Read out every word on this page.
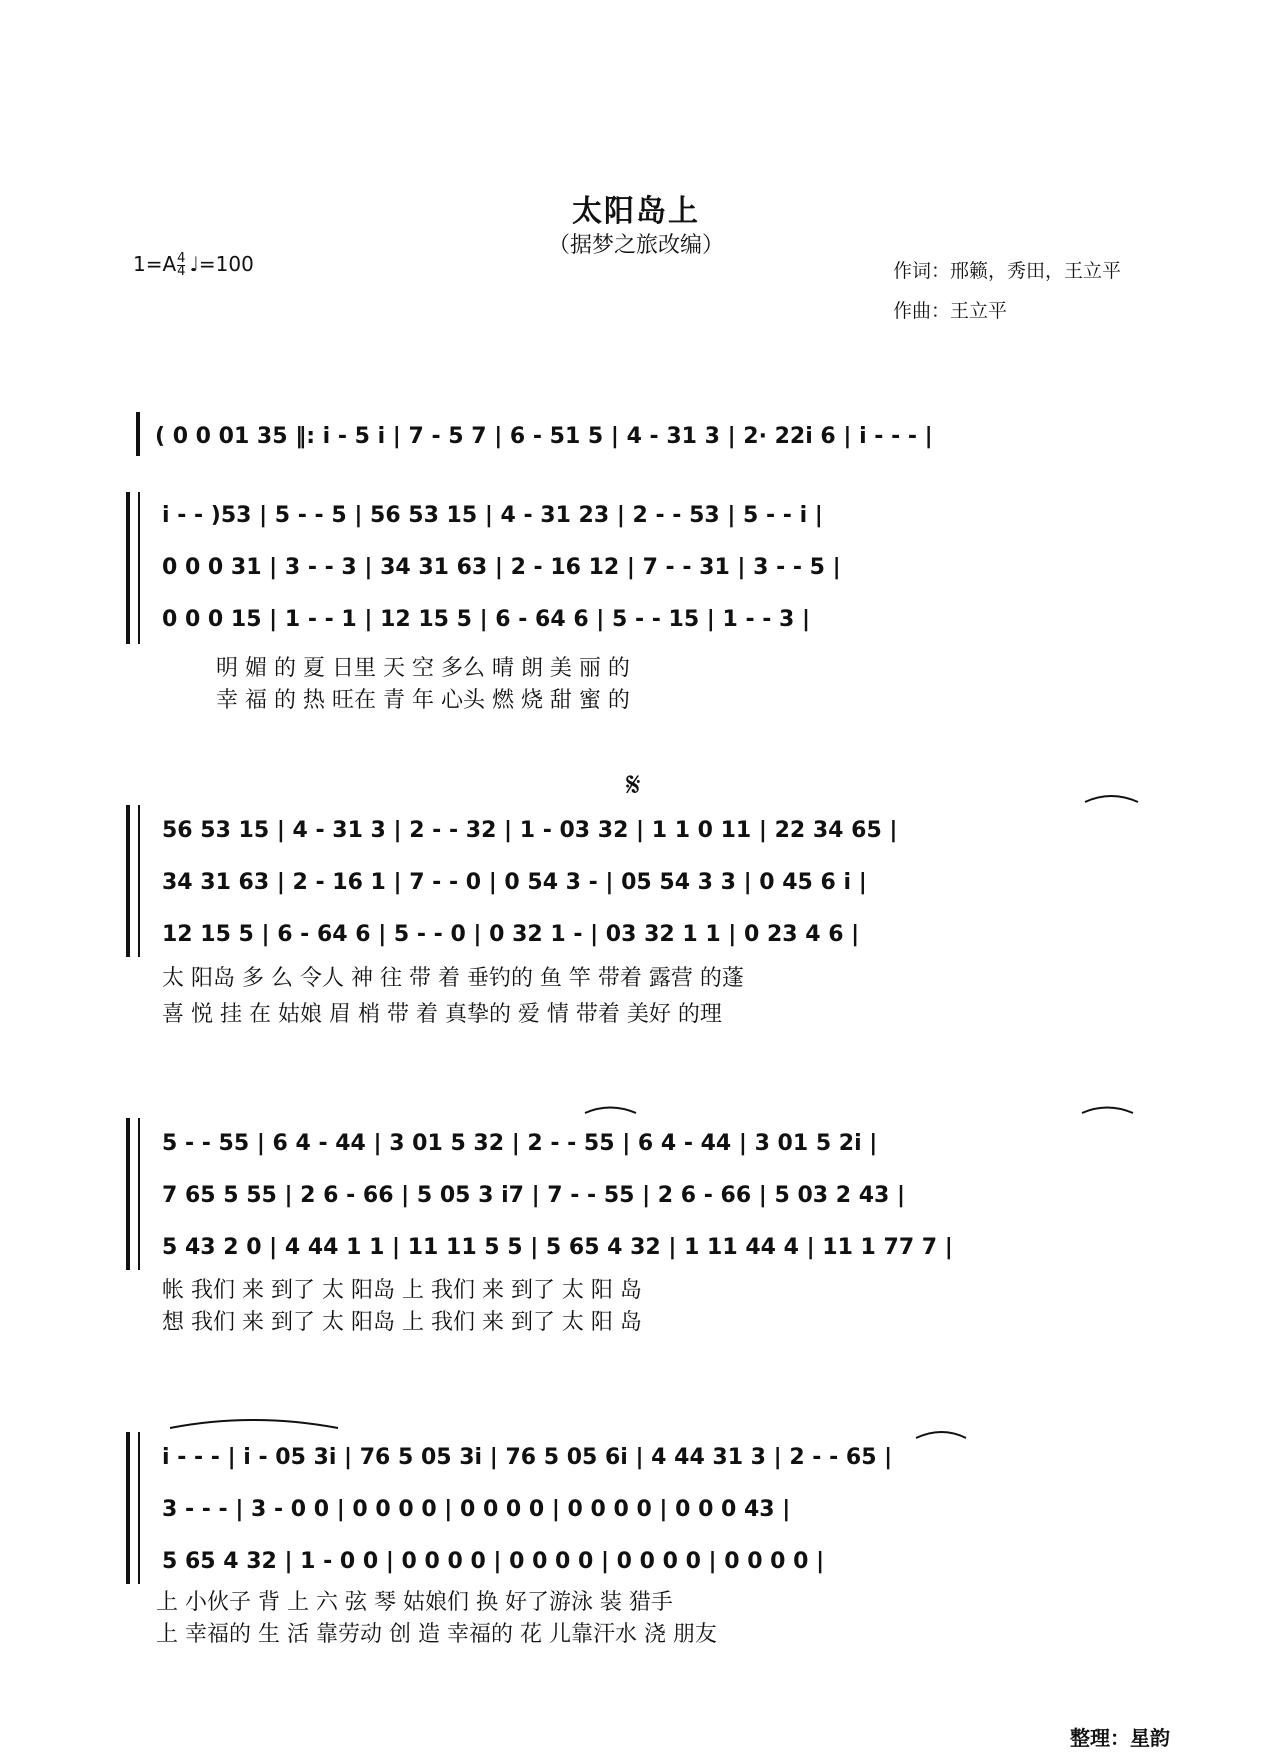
太阳岛上
（据梦之旅改编）
$1=A \frac{4}{4}$ ♩=100	作词：邢籁，秀田，王立平
作曲：王立平
𝄋
整理：星韵
( 0 0 01 35 ‖: i - 5 i | 7 - 5 7 | 6 - 51 5 | 4 - 31 3 | 2· 22i 6 | i - - - |
i - - )53 | 5 - - 5 | 56 53 15 | 4 - 31 23 | 2 - - 53 | 5 - - i |
0 0 0 31 | 3 - - 3 | 34 31 63 | 2 - 16 12 | 7 - - 31 | 3 - - 5 |
0 0 0 15 | 1 - - 1 | 12 15 5 | 6 - 64 6 | 5 - - 15 | 1 - - 3 |
明 媚 的 夏 日里 天 空 多么 晴 朗 美 丽 的
幸 福 的 热 旺在 青 年 心头 燃 烧 甜 蜜 的
56 53 15 | 4 - 31 3 | 2 - - 32 | 1 - 03 32 | 1 1 0 11 | 22 34 65 |
34 31 63 | 2 - 16 1 | 7 - - 0 | 0 54 3 - | 05 54 3 3 | 0 45 6 i |
12 15 5 | 6 - 64 6 | 5 - - 0 | 0 32 1 - | 03 32 1 1 | 0 23 4 6 |
太 阳岛 多 么 令人 神 往 带 着 垂钓的 鱼 竿 带着 露营 的蓬
喜 悦 挂 在 姑娘 眉 梢 带 着 真挚的 爱 情 带着 美好 的理
5 - - 55 | 6 4 - 44 | 3 01 5 32 | 2 - - 55 | 6 4 - 44 | 3 01 5 2i |
7 65 5 55 | 2 6 - 66 | 5 05 3 i7 | 7 - - 55 | 2 6 - 66 | 5 03 2 43 |
5 43 2 0 | 4 44 1 1 | 11 11 5 5 | 5 65 4 32 | 1 11 44 4 | 11 1 77 7 |
帐 我们 来 到了 太 阳岛 上 我们 来 到了 太 阳 岛
想 我们 来 到了 太 阳岛 上 我们 来 到了 太 阳 岛
i - - - | i - 05 3i | 76 5 05 3i | 76 5 05 6i | 4 44 31 3 | 2 - - 65 |
3 - - - | 3 - 0 0 | 0 0 0 0 | 0 0 0 0 | 0 0 0 0 | 0 0 0 43 |
5 65 4 32 | 1 - 0 0 | 0 0 0 0 | 0 0 0 0 | 0 0 0 0 | 0 0 0 0 |
上 小伙子 背 上 六 弦 琴 姑娘们 换 好了游泳 装 猎手
上 幸福的 生 活 靠劳动 创 造 幸福的 花 儿靠汗水 浇 朋友
